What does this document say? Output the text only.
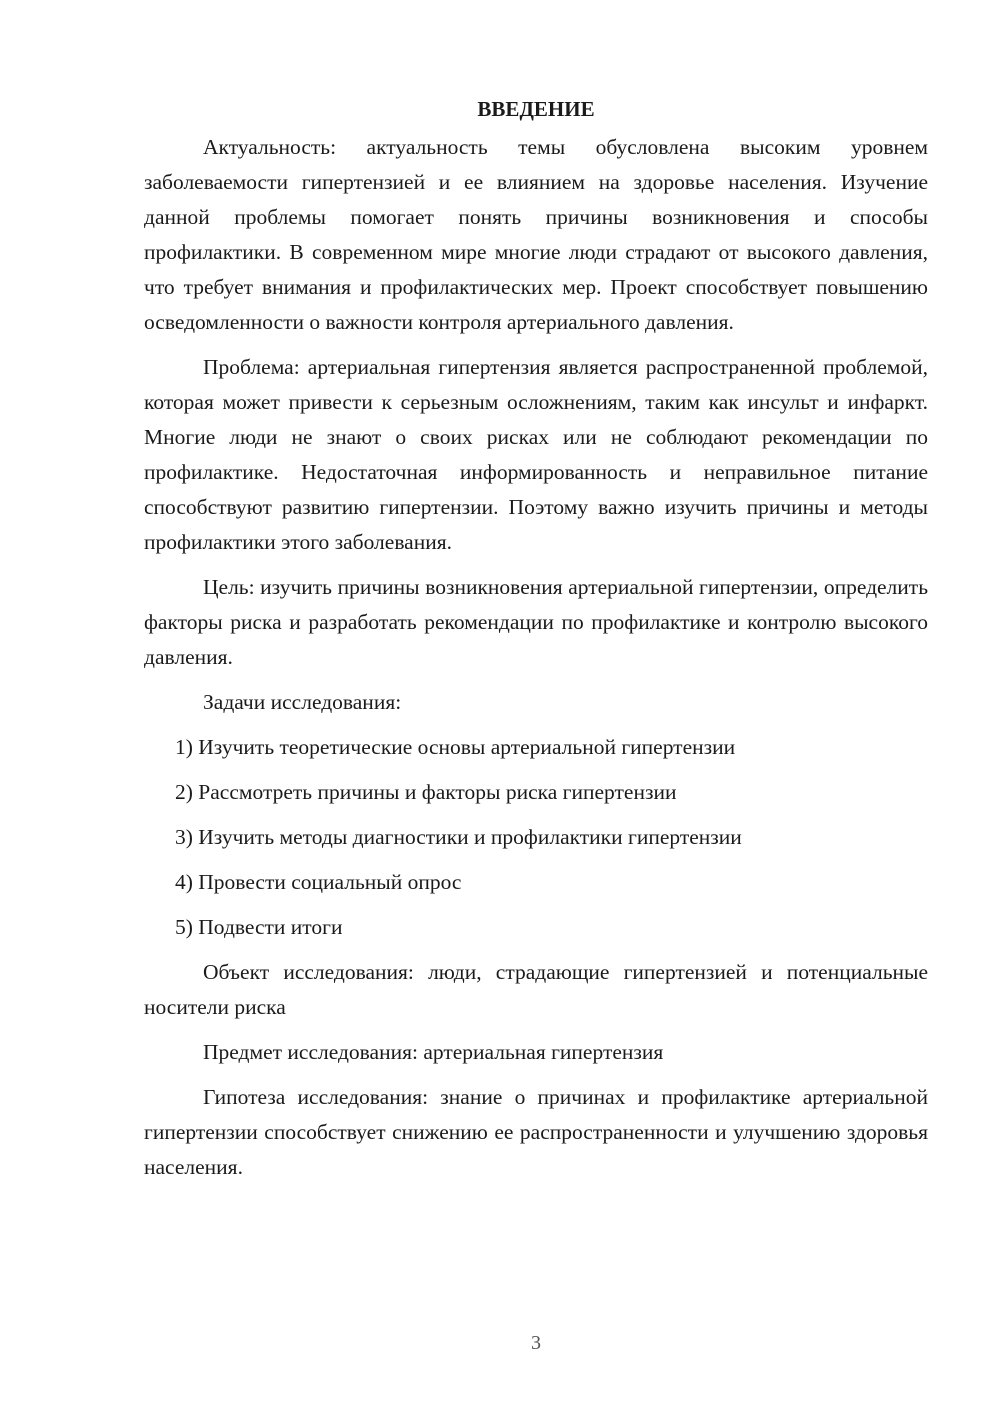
ВВЕДЕНИЕ

Актуальность: актуальность темы обусловлена высоким уровнем заболеваемости гипертензией и ее влиянием на здоровье населения. Изучение данной проблемы помогает понять причины возникновения и способы профилактики. В современном мире многие люди страдают от высокого давления, что требует внимания и профилактических мер. Проект способствует повышению осведомленности о важности контроля артериального давления.

Проблема: артериальная гипертензия является распространенной проблемой, которая может привести к серьезным осложнениям, таким как инсульт и инфаркт. Многие люди не знают о своих рисках или не соблюдают рекомендации по профилактике. Недостаточная информированность и неправильное питание способствуют развитию гипертензии. Поэтому важно изучить причины и методы профилактики этого заболевания.

Цель: изучить причины возникновения артериальной гипертензии, определить факторы риска и разработать рекомендации по профилактике и контролю высокого давления.

Задачи исследования:
1) Изучить теоретические основы артериальной гипертензии
2) Рассмотреть причины и факторы риска гипертензии
3) Изучить методы диагностики и профилактики гипертензии
4) Провести социальный опрос
5) Подвести итоги

Объект исследования: люди, страдающие гипертензией и потенциальные носители риска

Предмет исследования: артериальная гипертензия

Гипотеза исследования: знание о причинах и профилактике артериальной гипертензии способствует снижению ее распространенности и улучшению здоровья населения.

3
